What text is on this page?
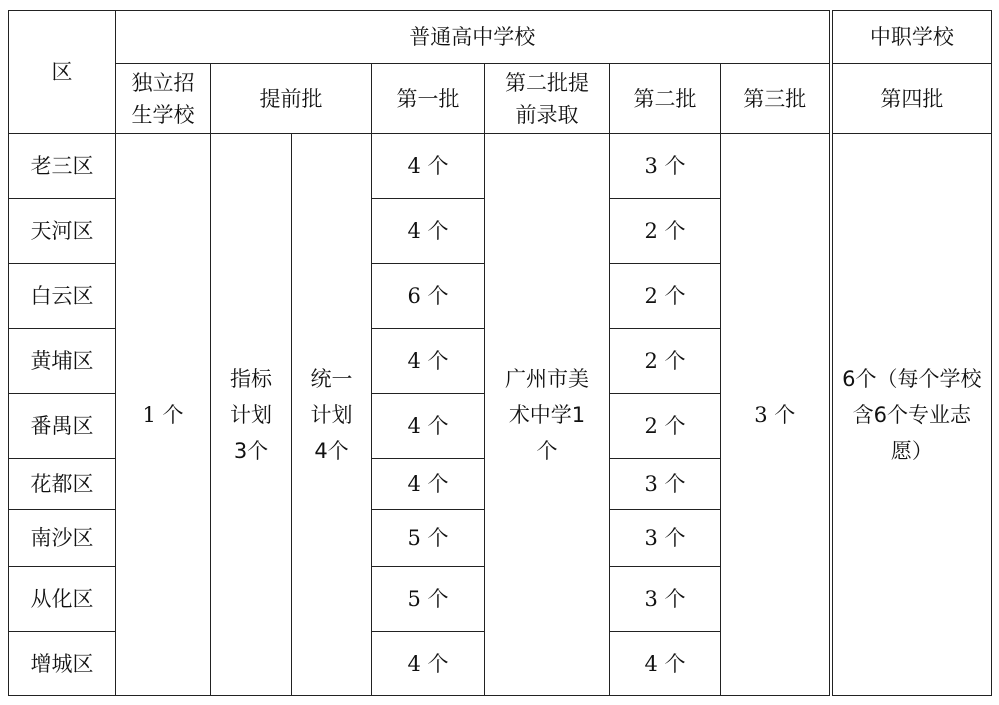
区	普通高中学校							中职学校

	独立招生学校	提前批		第一批	第二批提前录取	第二批	第三批	第四批
老三区	1 个	指标计划3个	统一计划4个	4 个	广州市美术中学1个	3 个	3 个	6个（每个学校含6个专业志愿）

天河区				4 个		2 个		
白云区				6 个		2 个		
黄埔区				4 个		2 个		
番禺区				4 个		2 个		
花都区				4 个		3 个		
南沙区				5 个		3 个		
从化区				5 个		3 个		
增城区				4 个		4 个		
